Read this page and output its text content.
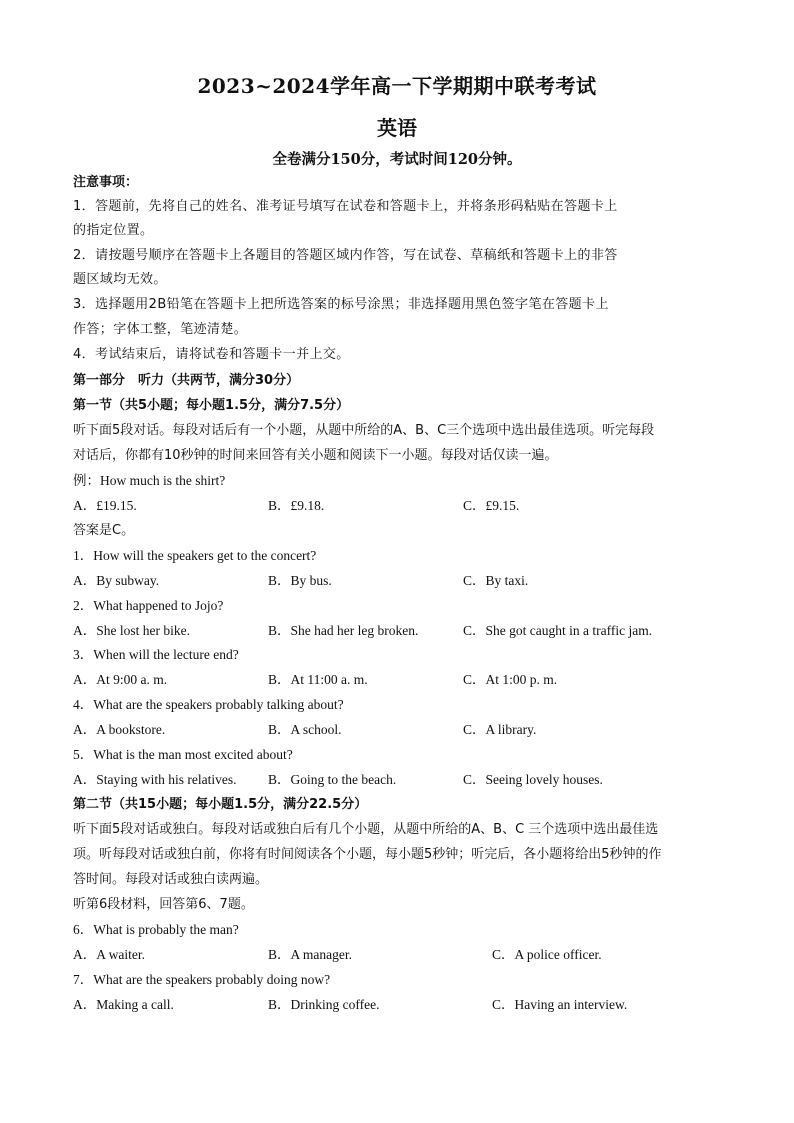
2023~2024学年高一下学期期中联考考试
英语
全卷满分150分，考试时间120分钟。
注意事项：
1．答题前，先将自己的姓名、准考证号填写在试卷和答题卡上，并将条形码粘贴在答题卡上
的指定位置。
2．请按题号顺序在答题卡上各题目的答题区域内作答，写在试卷、草稿纸和答题卡上的非答
题区域均无效。
3．选择题用2B铅笔在答题卡上把所选答案的标号涂黑；非选择题用黑色签字笔在答题卡上
作答；字体工整，笔迹清楚。
4．考试结束后，请将试卷和答题卡一并上交。
第一部分　听力（共两节，满分30分）
第一节（共5小题；每小题1.5分，满分7.5分）
听下面5段对话。每段对话后有一个小题，从题中所给的A、B、C三个选项中选出最佳选项。听完每段
对话后，你都有10秒钟的时间来回答有关小题和阅读下一小题。每段对话仅读一遍。
例：How much is the shirt?
A．£19.15.	B．£9.18.	C．£9.15.
答案是C。
1．How will the speakers get to the concert?
A．By subway.	B．By bus.	C．By taxi.
2．What happened to Jojo?
A．She lost her bike.	B．She had her leg broken.	C．She got caught in a traffic jam.
3．When will the lecture end?
A．At 9:00 a. m.	B．At 11:00 a. m.	C．At 1:00 p. m.
4．What are the speakers probably talking about?
A．A bookstore.	B．A school.	C．A library.
5．What is the man most excited about?
A．Staying with his relatives. B．Going to the beach.	C．Seeing lovely houses.
第二节（共15小题；每小题1.5分，满分22.5分）
听下面5段对话或独白。每段对话或独白后有几个小题，从题中所给的A、B、C 三个选项中选出最佳选
项。听每段对话或独白前，你将有时间阅读各个小题，每小题5秒钟；听完后，各小题将给出5秒钟的作
答时间。每段对话或独白读两遍。
听第6段材料，回答第6、7题。
6．What is probably the man?
A．A waiter.	B．A manager.	C．A police officer.
7．What are the speakers probably doing now?
A．Making a call.	B．Drinking coffee.	C．Having an interview.
